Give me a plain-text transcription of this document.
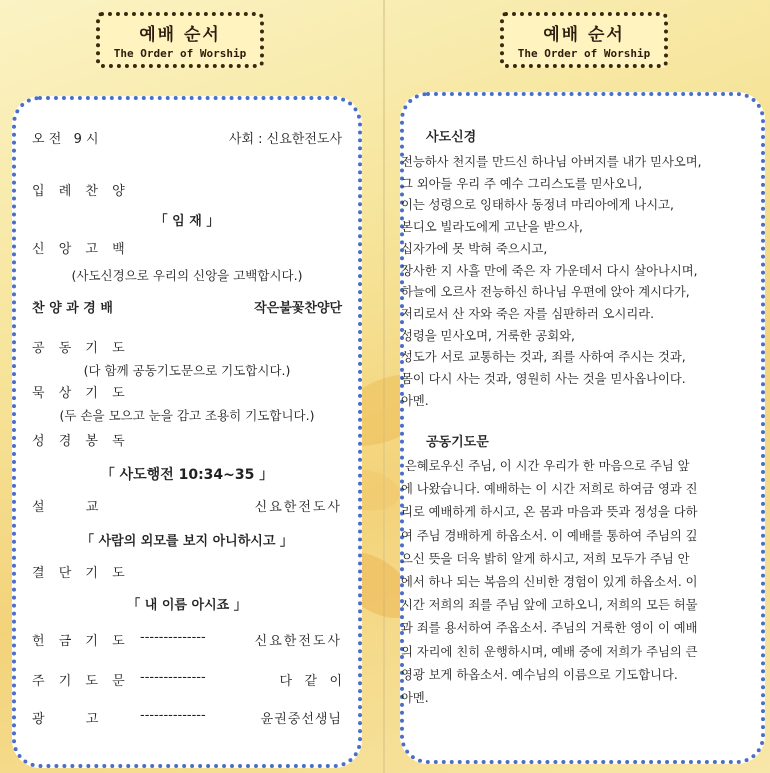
예배 순서
The Order of Worship
예배 순서
The Order of Worship
오 전   9 시	사회 : 신요한전도사
입 례 찬 양
「 임 재 」
신 앙 고 백
(사도신경으로 우리의 신앙을 고백합시다.)
찬 양 과 경 배	작은불꽃찬양단
공 동 기 도
(다 함께 공동기도문으로 기도합시다.)
묵 상 기 도
(두 손을 모으고 눈을 감고 조용히 기도합니다.)
성 경 봉 독
「 사도행전 10:34~35 」
설          교	신요한전도사
「 사람의 외모를 보지 아니하시고 」
결 단 기 도
「 내 이름 아시죠 」
헌 금 기 도 --------------	신요한전도사
주 기 도 문 --------------	다   같   이
광          고	--------------	윤권중선생님
사도신경
전능하사 천지를 만드신 하나님 아버지를 내가 믿사오며,
그 외아들 우리 주 예수 그리스도를 믿사오니,
이는 성령으로 잉태하사 동정녀 마리아에게 나시고,
본디오 빌라도에게 고난을 받으사,
십자가에 못 박혀 죽으시고,
장사한 지 사흘 만에 죽은 자 가운데서 다시 살아나시며,
하늘에 오르사 전능하신 하나님 우편에 앉아 계시다가,
저리로서 산 자와 죽은 자를 심판하러 오시리라.
성령을 믿사오며, 거룩한 공회와,
성도가 서로 교통하는 것과, 죄를 사하여 주시는 것과,
몸이 다시 사는 것과, 영원히 사는 것을 믿사옵나이다.
아멘.
공동기도문
은혜로우신 주님, 이 시간 우리가 한 마음으로 주님 앞
에 나왔습니다. 예배하는 이 시간 저희로 하여금 영과 진
리로 예배하게 하시고, 온 몸과 마음과 뜻과 정성을 다하
여 주님 경배하게 하옵소서. 이 예배를 통하여 주님의 깊
으신 뜻을 더욱 밝히 알게 하시고, 저희 모두가 주님 안
에서 하나 되는 복음의 신비한 경험이 있게 하옵소서. 이
시간 저희의 죄를 주님 앞에 고하오니, 저희의 모든 허물
과 죄를 용서하여 주옵소서. 주님의 거룩한 영이 이 예배
의 자리에 친히 운행하시며, 예배 중에 저희가 주님의 큰
영광 보게 하옵소서. 예수님의 이름으로 기도합니다.
아멘.
